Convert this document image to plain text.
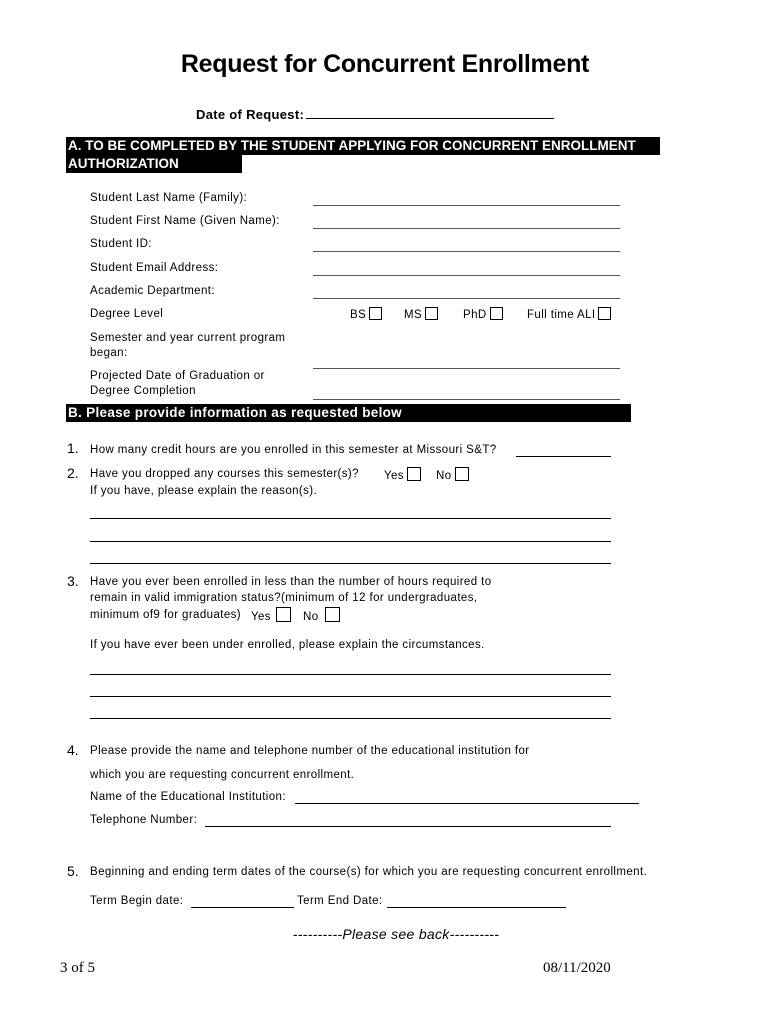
Request for Concurrent Enrollment
Date of Request:
A. TO BE COMPLETED BY THE STUDENT APPLYING FOR CONCURRENT ENROLLMENT
AUTHORIZATION
Student Last Name (Family):
Student First Name (Given Name):
Student ID:
Student Email Address:
Academic Department:
Degree Level	BS	MS	PhD	Full time ALI
Semester and year current program
began:
Projected Date of Graduation or
Degree Completion
B. Please provide information as requested below
1. How many credit hours are you enrolled in this semester at Missouri S&T?
2. Have you dropped any courses this semester(s)? Yes	No
If you have, please explain the reason(s).
3. Have you ever been enrolled in less than the number of hours required to
remain in valid immigration status?(minimum of 12 for undergraduates,
minimum of9 for graduates) Yes	No
If you have ever been under enrolled, please explain the circumstances.
4. Please provide the name and telephone number of the educational institution for
which you are requesting concurrent enrollment.
Name of the Educational Institution:
Telephone Number:
5. Beginning and ending term dates of the course(s) for which you are requesting concurrent enrollment.
Term Begin date:	Term End Date:
----------Please see back----------
3 of 5	08/11/2020
